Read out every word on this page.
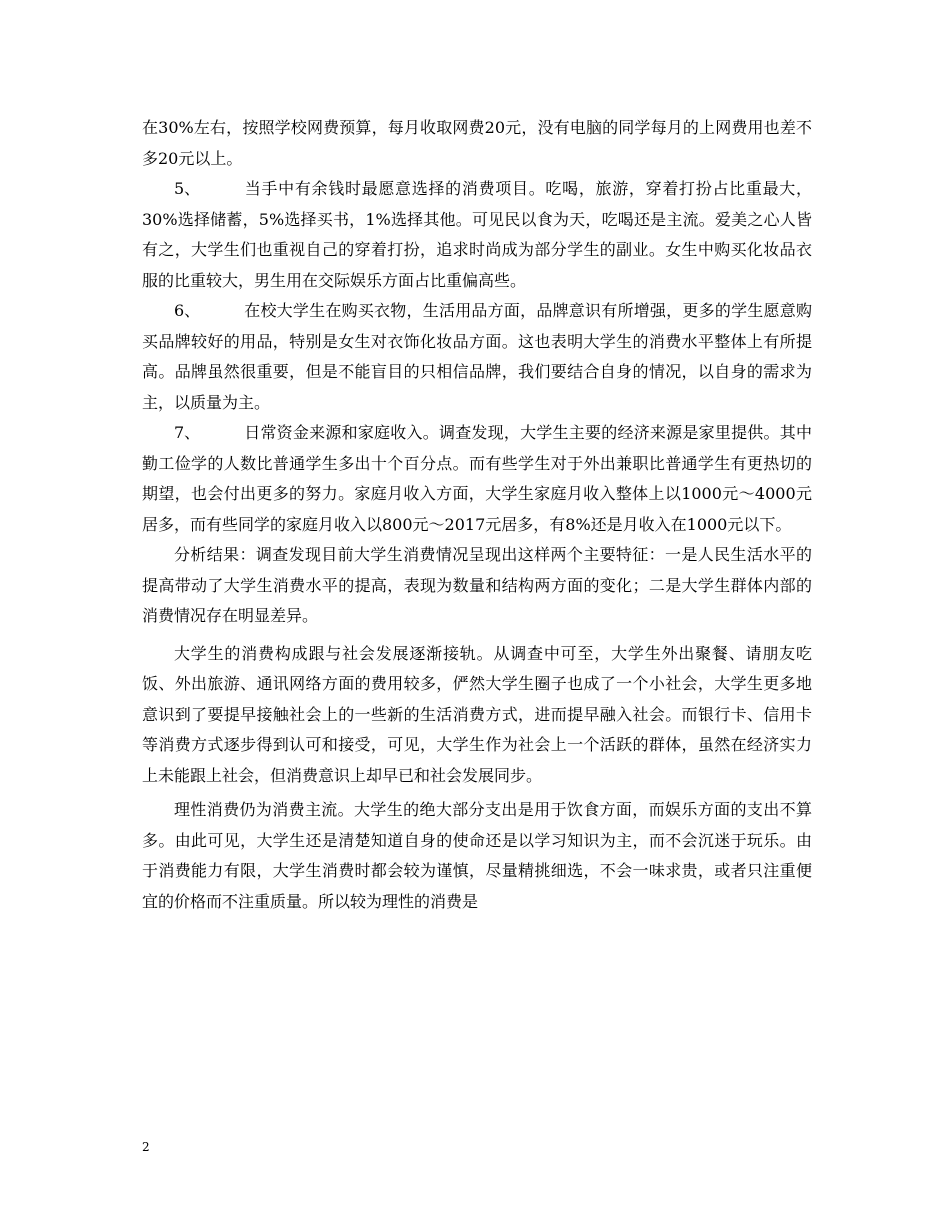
在30%左右，按照学校网费预算，每月收取网费20元，没有电脑的同学每月的上网费用也差不多20元以上。

5、	当手中有余钱时最愿意选择的消费项目。吃喝，旅游，穿着打扮占比重最大， 30%选择储蓄，5%选择买书，1%选择其他。可见民以食为天，吃喝还是主流。爱美之心人皆有之，大学生们也重视自己的穿着打扮，追求时尚成为部分学生的副业。女生中购买化妆品衣服的比重较大，男生用在交际娱乐方面占比重偏高些。

6、	在校大学生在购买衣物，生活用品方面，品牌意识有所增强，更多的学生愿意购买品牌较好的用品，特别是女生对衣饰化妆品方面。这也表明大学生的消费水平整体上有所提高。品牌虽然很重要，但是不能盲目的只相信品牌，我们要结合自身的情况，以自身的需求为主，以质量为主。

7、	日常资金来源和家庭收入。调查发现，大学生主要的经济来源是家里提供。其中勤工俭学的人数比普通学生多出十个百分点。而有些学生对于外出兼职比普通学生有更热切的期望，也会付出更多的努力。家庭月收入方面，大学生家庭月收入整体上以1000元～4000元居多，而有些同学的家庭月收入以800元～2017元居多，有8%还是月收入在1000元以下。

分析结果：调查发现目前大学生消费情况呈现出这样两个主要特征：一是人民生活水平的提高带动了大学生消费水平的提高，表现为数量和结构两方面的变化；二是大学生群体内部的消费情况存在明显差异。

大学生的消费构成跟与社会发展逐渐接轨。从调查中可至，大学生外出聚餐、请朋友吃饭、外出旅游、通讯网络方面的费用较多，俨然大学生圈子也成了一个小社会，大学生更多地意识到了要提早接触社会上的一些新的生活消费方式，进而提早融入社会。而银行卡、信用卡等消费方式逐步得到认可和接受，可见，大学生作为社会上一个活跃的群体，虽然在经济实力上未能跟上社会，但消费意识上却早已和社会发展同步。

理性消费仍为消费主流。大学生的绝大部分支出是用于饮食方面，而娱乐方面的支出不算多。由此可见，大学生还是清楚知道自身的使命还是以学习知识为主，而不会沉迷于玩乐。由于消费能力有限，大学生消费时都会较为谨慎，尽量精挑细选，不会一味求贵，或者只注重便宜的价格而不注重质量。所以较为理性的消费是

2
